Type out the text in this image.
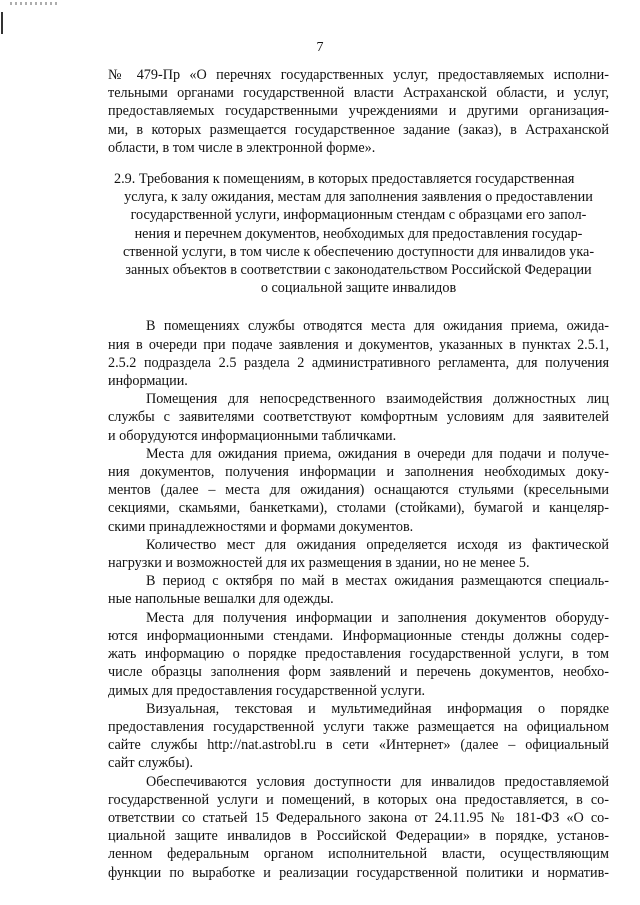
7
№ 479-Пр «О перечнях государственных услуг, предоставляемых исполни-
тельными органами государственной власти Астраханской области, и услуг,
предоставляемых государственными учреждениями и другими организация-
ми, в которых размещается государственное задание (заказ), в Астраханской
области, в том числе в электронной форме».
2.9. Требования к помещениям, в которых предоставляется государственная
услуга, к залу ожидания, местам для заполнения заявления о предоставлении
государственной услуги, информационным стендам с образцами его запол-
нения и перечнем документов, необходимых для предоставления государ-
ственной услуги, в том числе к обеспечению доступности для инвалидов ука-
занных объектов в соответствии с законодательством Российской Федерации
о социальной защите инвалидов
В помещениях службы отводятся места для ожидания приема, ожида-
ния в очереди при подаче заявления и документов, указанных в пунктах 2.5.1,
2.5.2 подраздела 2.5 раздела 2 административного регламента, для получения
информации.
Помещения для непосредственного взаимодействия должностных лиц
службы с заявителями соответствуют комфортным условиям для заявителей
и оборудуются информационными табличками.
Места для ожидания приема, ожидания в очереди для подачи и получе-
ния документов, получения информации и заполнения необходимых доку-
ментов (далее – места для ожидания) оснащаются стульями (кресельными
секциями, скамьями, банкетками), столами (стойками), бумагой и канцеляр-
скими принадлежностями и формами документов.
Количество мест для ожидания определяется исходя из фактической
нагрузки и возможностей для их размещения в здании, но не менее 5.
В период с октября по май в местах ожидания размещаются специаль-
ные напольные вешалки для одежды.
Места для получения информации и заполнения документов оборуду-
ются информационными стендами. Информационные стенды должны содер-
жать информацию о порядке предоставления государственной услуги, в том
числе образцы заполнения форм заявлений и перечень документов, необхо-
димых для предоставления государственной услуги.
Визуальная, текстовая и мультимедийная информация о порядке
предоставления государственной услуги также размещается на официальном
сайте службы http://nat.astrobl.ru в сети «Интернет» (далее – официальный
сайт службы).
Обеспечиваются условия доступности для инвалидов предоставляемой
государственной услуги и помещений, в которых она предоставляется, в со-
ответствии со статьей 15 Федерального закона от 24.11.95 № 181-ФЗ «О со-
циальной защите инвалидов в Российской Федерации» в порядке, установ-
ленном федеральным органом исполнительной власти, осуществляющим
функции по выработке и реализации государственной политики и норматив-
